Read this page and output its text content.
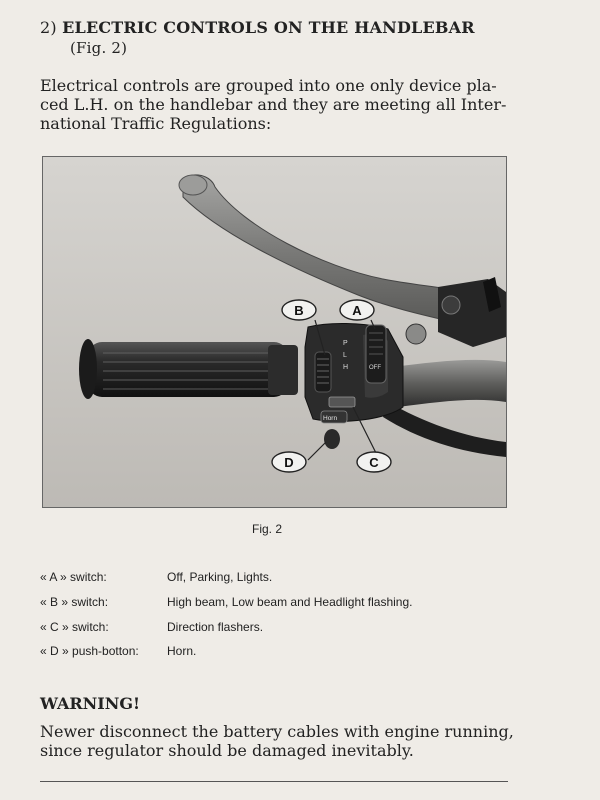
2) ELECTRIC CONTROLS ON THE HANDLEBAR
(Fig. 2)
Electrical controls are grouped into one only device pla-
ced L.H. on the handlebar and they are meeting all Inter-
national Traffic Regulations:
P
L
H	OFF
Horn
B	A
D	C
Fig. 2
« A » switch:	Off, Parking, Lights.
« B » switch:	High beam, Low beam and Headlight flashing.
« C » switch:	Direction flashers.
« D » push-botton: Horn.
WARNING!
Newer disconnect the battery cables with engine running,
since regulator should be damaged inevitably.
